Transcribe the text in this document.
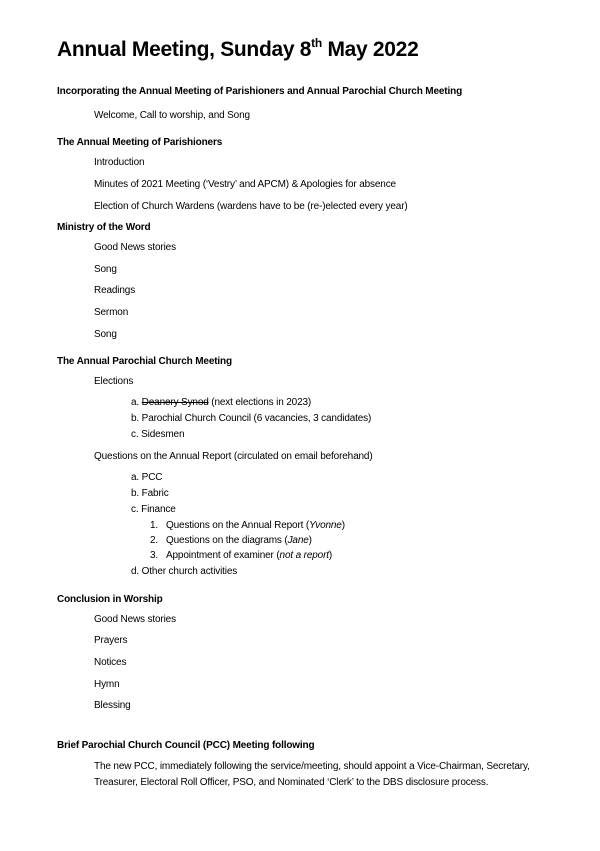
Annual Meeting, Sunday 8th May 2022
Incorporating the Annual Meeting of Parishioners and Annual Parochial Church Meeting
Welcome, Call to worship, and Song
The Annual Meeting of Parishioners
Introduction
Minutes of 2021 Meeting (‘Vestry’ and APCM) & Apologies for absence
Election of Church Wardens (wardens have to be (re-)elected every year)
Ministry of the Word
Good News stories
Song
Readings
Sermon
Song
The Annual Parochial Church Meeting
Elections
a. Deanery Synod (next elections in 2023)
b. Parochial Church Council (6 vacancies, 3 candidates)
c. Sidesmen
Questions on the Annual Report (circulated on email beforehand)
a. PCC
b. Fabric
c. Finance
1. Questions on the Annual Report (Yvonne)
2. Questions on the diagrams (Jane)
3. Appointment of examiner (not a report)
d. Other church activities
Conclusion in Worship
Good News stories
Prayers
Notices
Hymn
Blessing
Brief Parochial Church Council (PCC) Meeting following
The new PCC, immediately following the service/meeting, should appoint a Vice-Chairman, Secretary, Treasurer, Electoral Roll Officer, PSO, and Nominated ‘Clerk’ to the DBS disclosure process.
